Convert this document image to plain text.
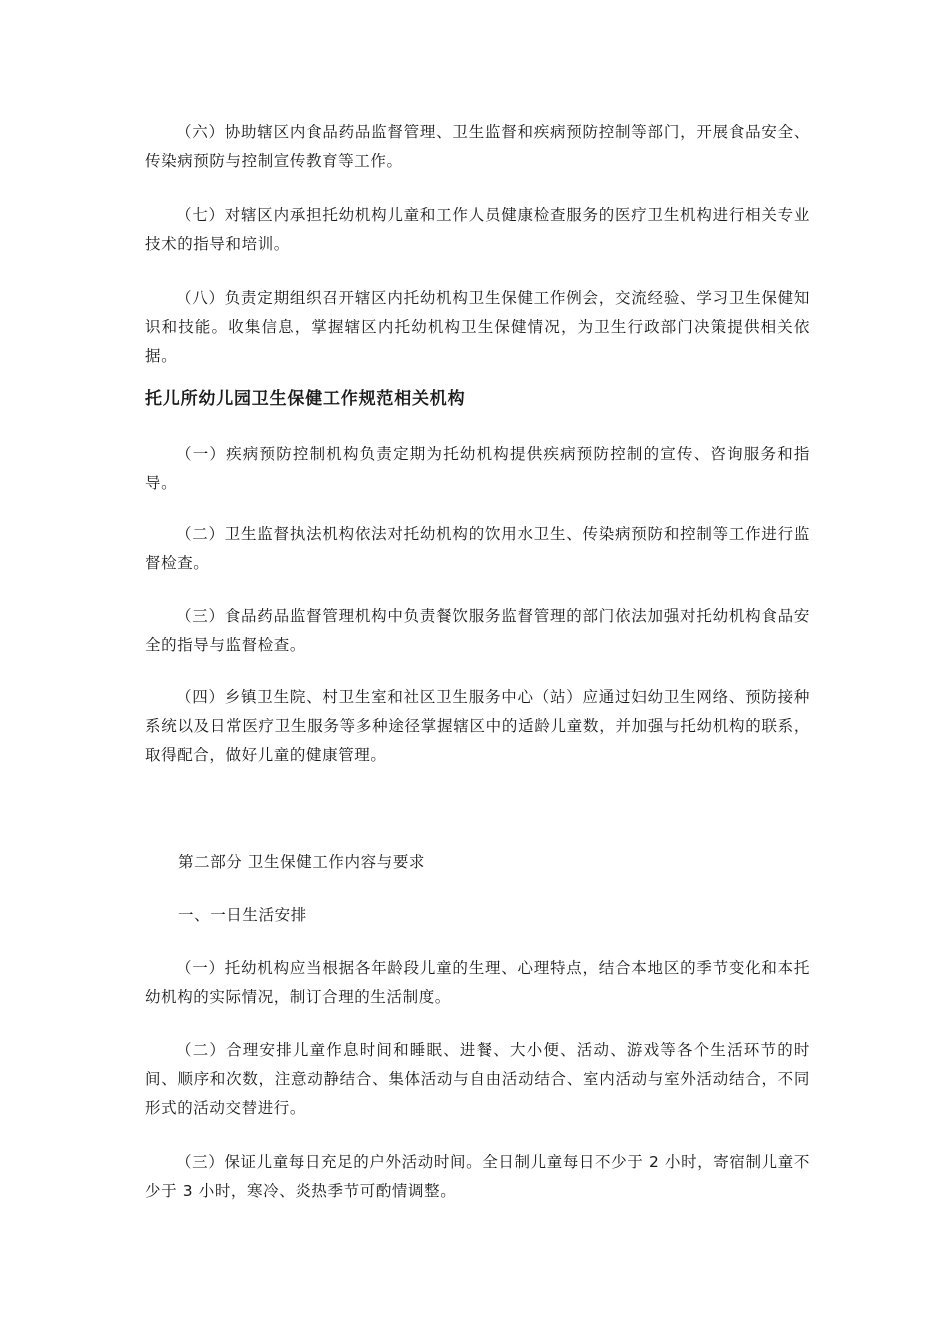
（六）协助辖区内食品药品监督管理、卫生监督和疾病预防控制等部门，开展食品安全、传染病预防与控制宣传教育等工作。

（七）对辖区内承担托幼机构儿童和工作人员健康检查服务的医疗卫生机构进行相关专业技术的指导和培训。

（八）负责定期组织召开辖区内托幼机构卫生保健工作例会，交流经验、学习卫生保健知识和技能。收集信息，掌握辖区内托幼机构卫生保健情况，为卫生行政部门决策提供相关依据。

托儿所幼儿园卫生保健工作规范相关机构

（一）疾病预防控制机构负责定期为托幼机构提供疾病预防控制的宣传、咨询服务和指导。

（二）卫生监督执法机构依法对托幼机构的饮用水卫生、传染病预防和控制等工作进行监督检查。

（三）食品药品监督管理机构中负责餐饮服务监督管理的部门依法加强对托幼机构食品安全的指导与监督检查。

（四）乡镇卫生院、村卫生室和社区卫生服务中心（站）应通过妇幼卫生网络、预防接种系统以及日常医疗卫生服务等多种途径掌握辖区中的适龄儿童数，并加强与托幼机构的联系，取得配合，做好儿童的健康管理。

第二部分 卫生保健工作内容与要求

一、一日生活安排

（一）托幼机构应当根据各年龄段儿童的生理、心理特点，结合本地区的季节变化和本托幼机构的实际情况，制订合理的生活制度。

（二）合理安排儿童作息时间和睡眠、进餐、大小便、活动、游戏等各个生活环节的时间、顺序和次数，注意动静结合、集体活动与自由活动结合、室内活动与室外活动结合，不同形式的活动交替进行。

（三）保证儿童每日充足的户外活动时间。全日制儿童每日不少于 2 小时，寄宿制儿童不少于 3 小时，寒冷、炎热季节可酌情调整。
